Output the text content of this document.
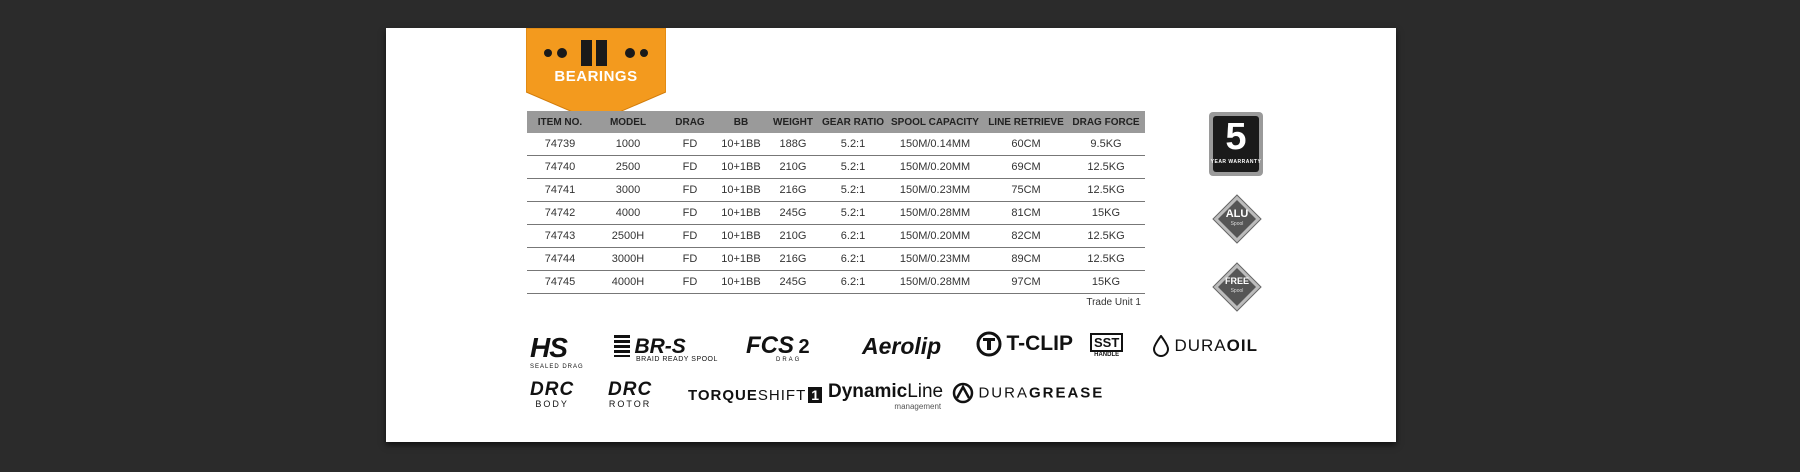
BEARINGS
ITEM NO.	MODEL	DRAG	BB	WEIGHT	GEAR RATIO	SPOOL CAPACITY	LINE RETRIEVE	DRAG FORCE
74739	1000	FD	10+1BB	188G	5.2:1	150M/0.14MM	60CM	9.5KG
74740	2500	FD	10+1BB	210G	5.2:1	150M/0.20MM	69CM	12.5KG
74741	3000	FD	10+1BB	216G	5.2:1	150M/0.23MM	75CM	12.5KG
74742	4000	FD	10+1BB	245G	5.2:1	150M/0.28MM	81CM	15KG
74743	2500H	FD	10+1BB	210G	6.2:1	150M/0.20MM	82CM	12.5KG
74744	3000H	FD	10+1BB	216G	6.2:1	150M/0.23MM	89CM	12.5KG
74745	4000H	FD	10+1BB	245G	6.2:1	150M/0.28MM	97CM	15KG
Trade Unit 1
5
YEAR WARRANTY
ALU
Spool
FREE
Spool
HS
SEALED DRAG
BR-S
BRAID READY SPOOL
FCS 2
DRAG
Aerolip	T-CLIP	SST
HANDLE	DURAOIL
DRC
BODY
DRC
ROTOR TORQUESHIFT 1 DynamicLine
management
DURAGREASE
